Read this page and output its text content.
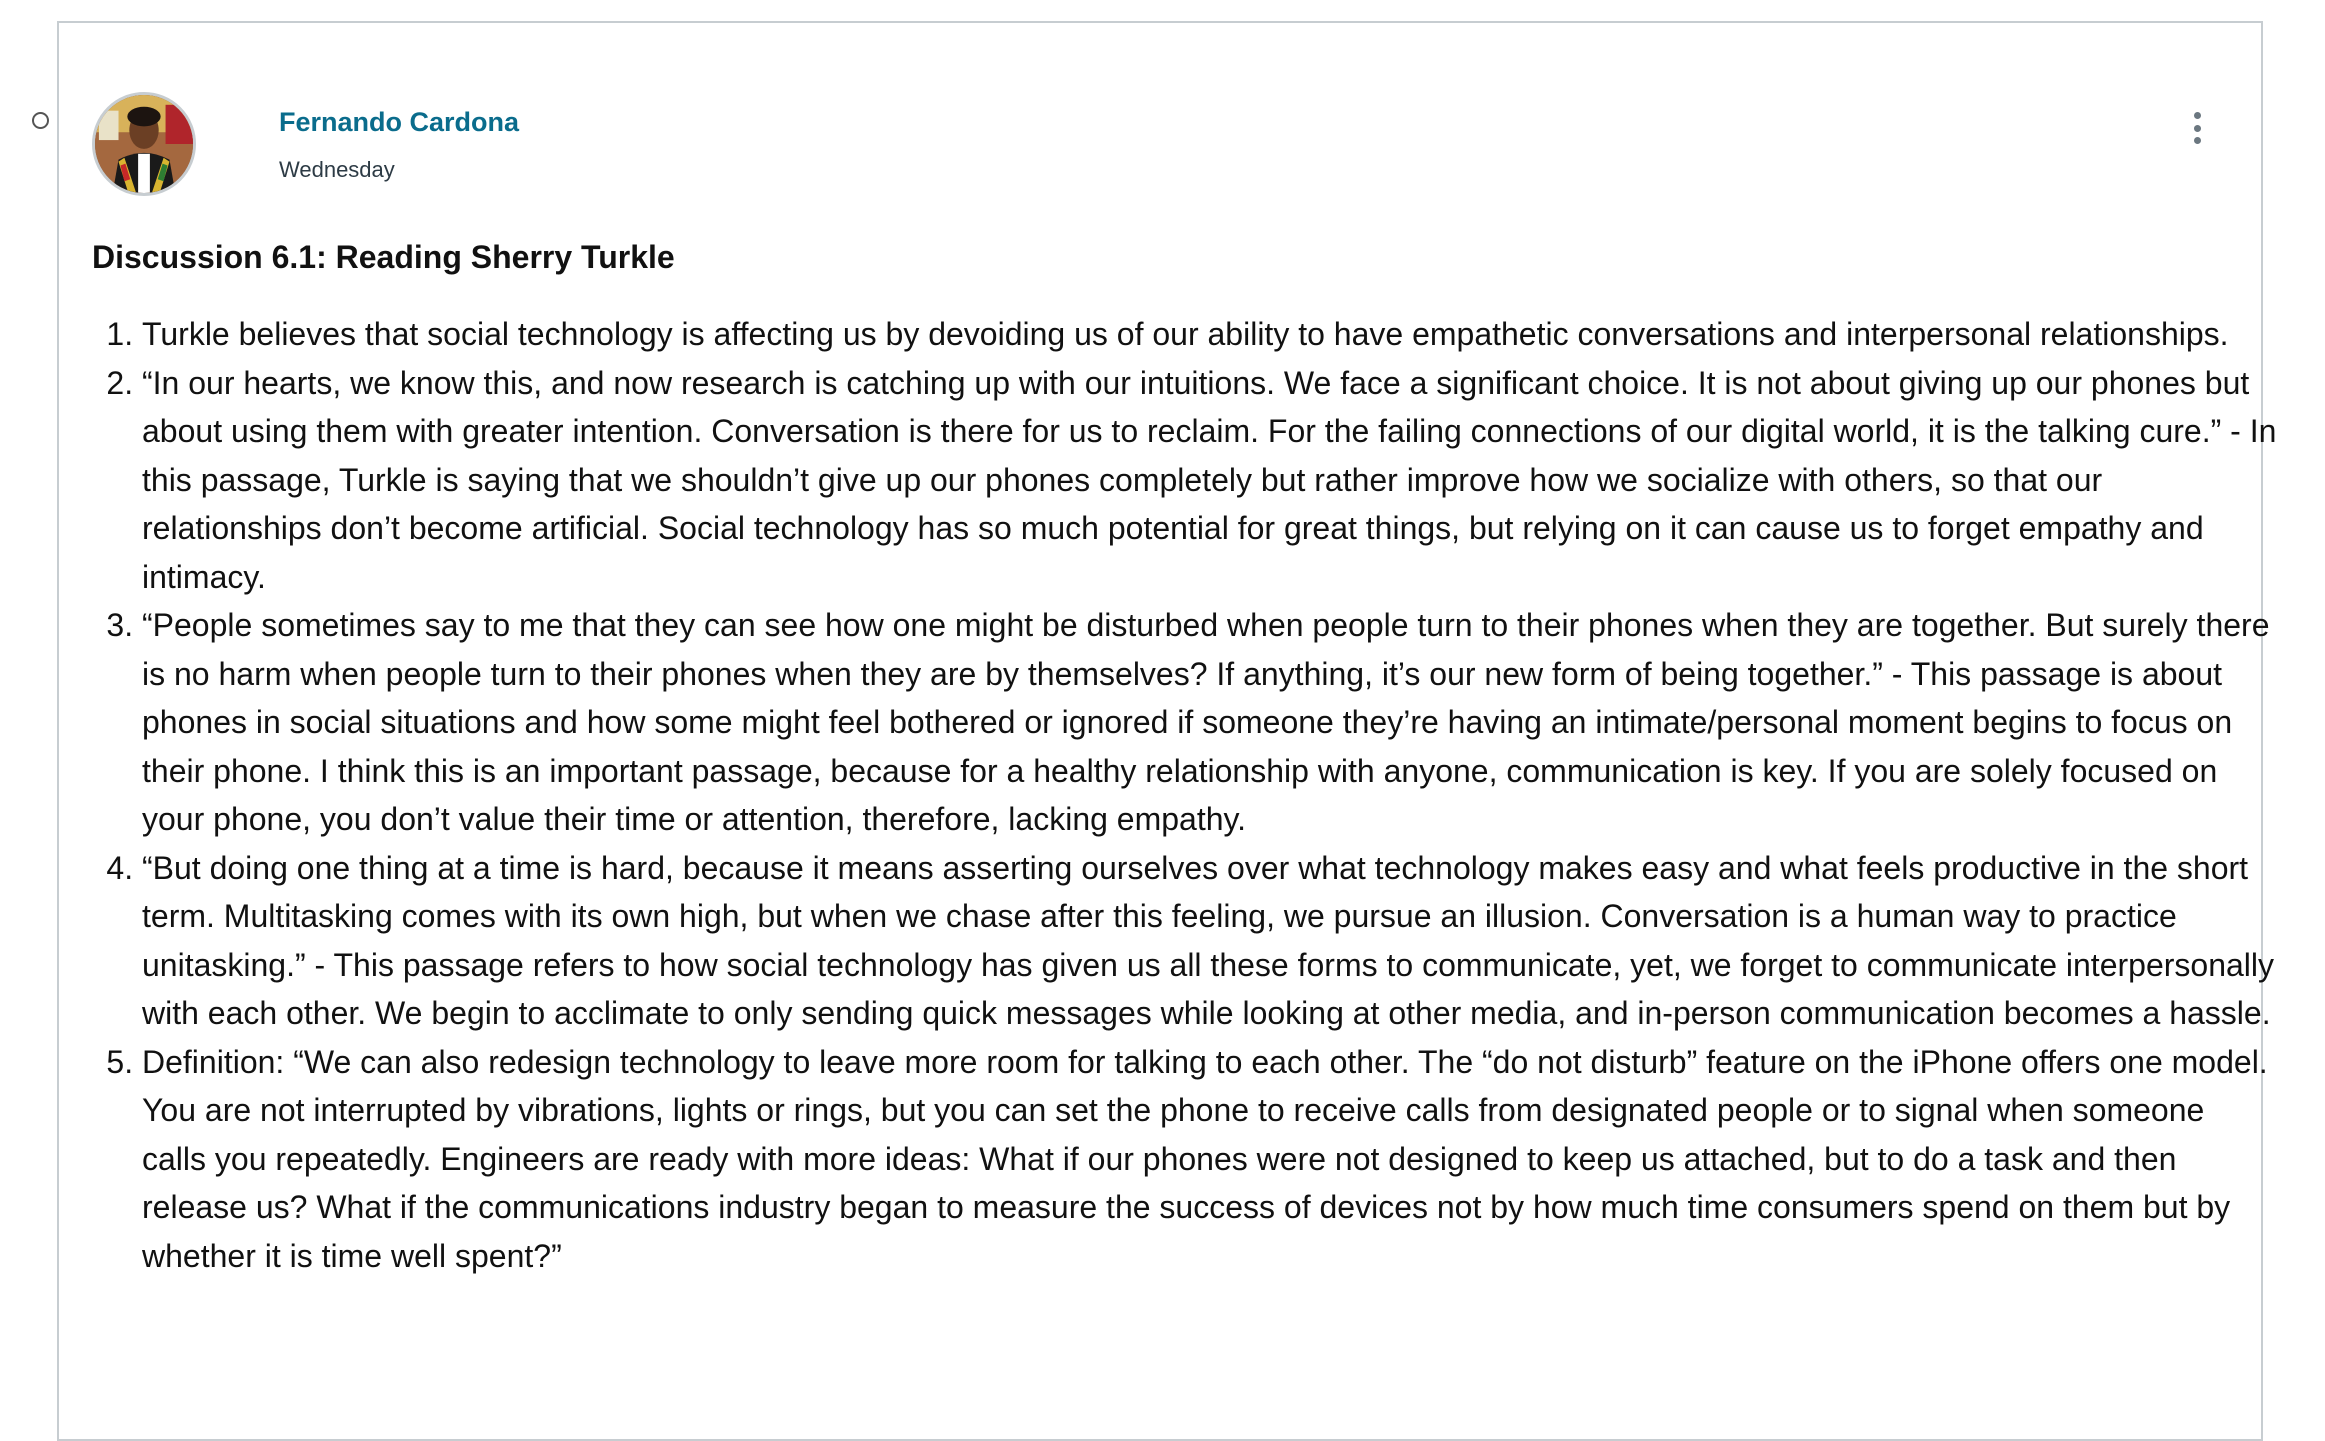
Fernando Cardona
Wednesday
Discussion 6.1: Reading Sherry Turkle
1. Turkle believes that social technology is affecting us by devoiding us of our ability to have empathetic conversations and interpersonal relationships.
2. “In our hearts, we know this, and now research is catching up with our intuitions. We face a significant choice. It is not about giving up our phones but about using them with greater intention. Conversation is there for us to reclaim. For the failing connections of our digital world, it is the talking cure.” - In this passage, Turkle is saying that we shouldn’t give up our phones completely but rather improve how we socialize with others, so that our relationships don’t become artificial. Social technology has so much potential for great things, but relying on it can cause us to forget empathy and intimacy.
3. “People sometimes say to me that they can see how one might be disturbed when people turn to their phones when they are together. But surely there is no harm when people turn to their phones when they are by themselves? If anything, it’s our new form of being together.” - This passage is about phones in social situations and how some might feel bothered or ignored if someone they’re having an intimate/personal moment begins to focus on their phone. I think this is an important passage, because for a healthy relationship with anyone, communication is key. If you are solely focused on your phone, you don’t value their time or attention, therefore, lacking empathy.
4. “But doing one thing at a time is hard, because it means asserting ourselves over what technology makes easy and what feels productive in the short term. Multitasking comes with its own high, but when we chase after this feeling, we pursue an illusion. Conversation is a human way to practice unitasking.” - This passage refers to how social technology has given us all these forms to communicate, yet, we forget to communicate interpersonally with each other. We begin to acclimate to only sending quick messages while looking at other media, and in-person communication becomes a hassle.
5. Definition: “We can also redesign technology to leave more room for talking to each other. The “do not disturb” feature on the iPhone offers one model. You are not interrupted by vibrations, lights or rings, but you can set the phone to receive calls from designated people or to signal when someone calls you repeatedly. Engineers are ready with more ideas: What if our phones were not designed to keep us attached, but to do a task and then release us? What if the communications industry began to measure the success of devices not by how much time consumers spend on them but by whether it is time well spent?”
